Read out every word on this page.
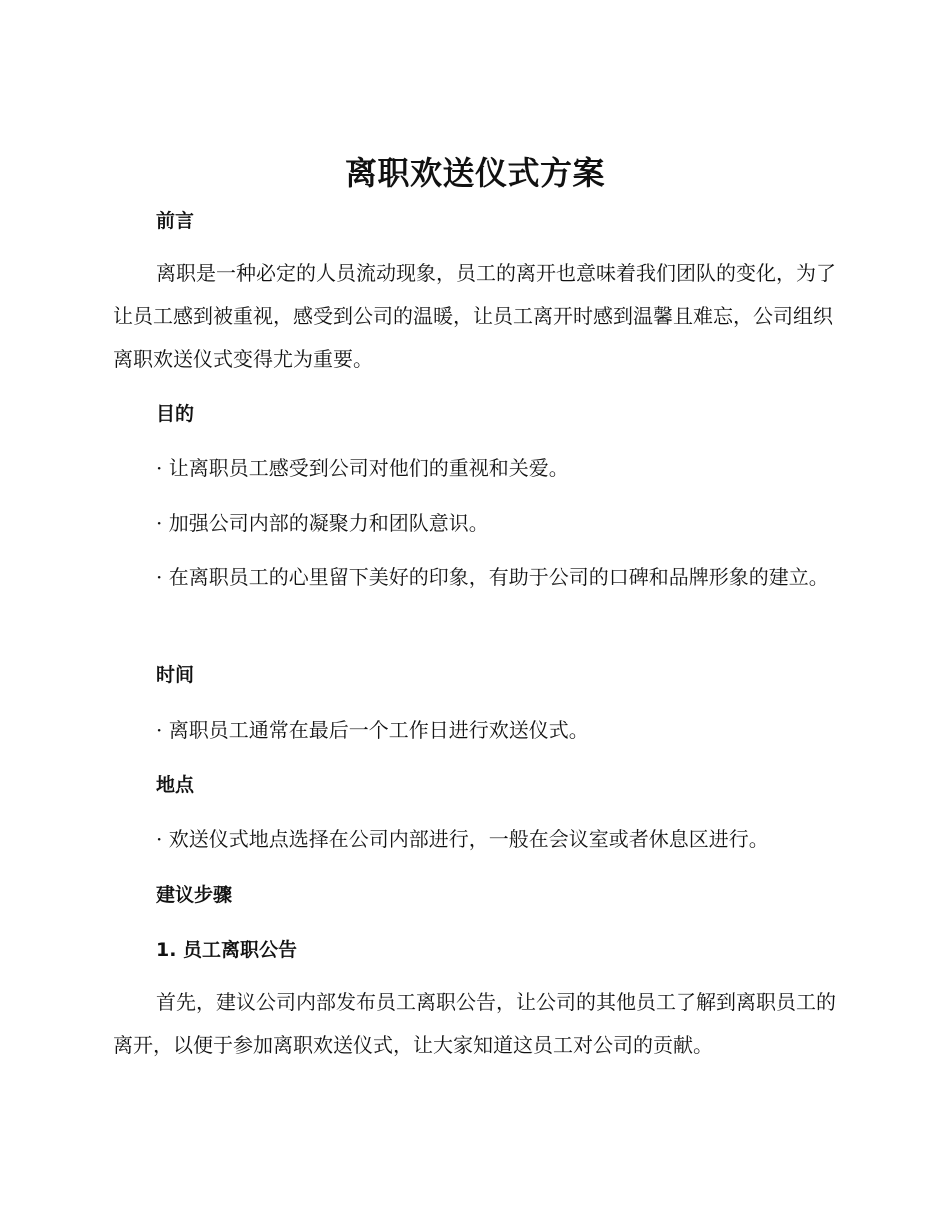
离职欢送仪式方案
前言

离职是一种必定的人员流动现象，员工的离开也意味着我们团队的变化，为了让员工感到被重视，感受到公司的温暖，让员工离开时感到温馨且难忘，公司组织离职欢送仪式变得尤为重要。

目的

· 让离职员工感受到公司对他们的重视和关爱。

· 加强公司内部的凝聚力和团队意识。

· 在离职员工的心里留下美好的印象，有助于公司的口碑和品牌形象的建立。

时间

· 离职员工通常在最后一个工作日进行欢送仪式。

地点

· 欢送仪式地点选择在公司内部进行，一般在会议室或者休息区进行。

建议步骤
1. 员工离职公告

首先，建议公司内部发布员工离职公告，让公司的其他员工了解到离职员工的离开，以便于参加离职欢送仪式，让大家知道这员工对公司的贡献。
